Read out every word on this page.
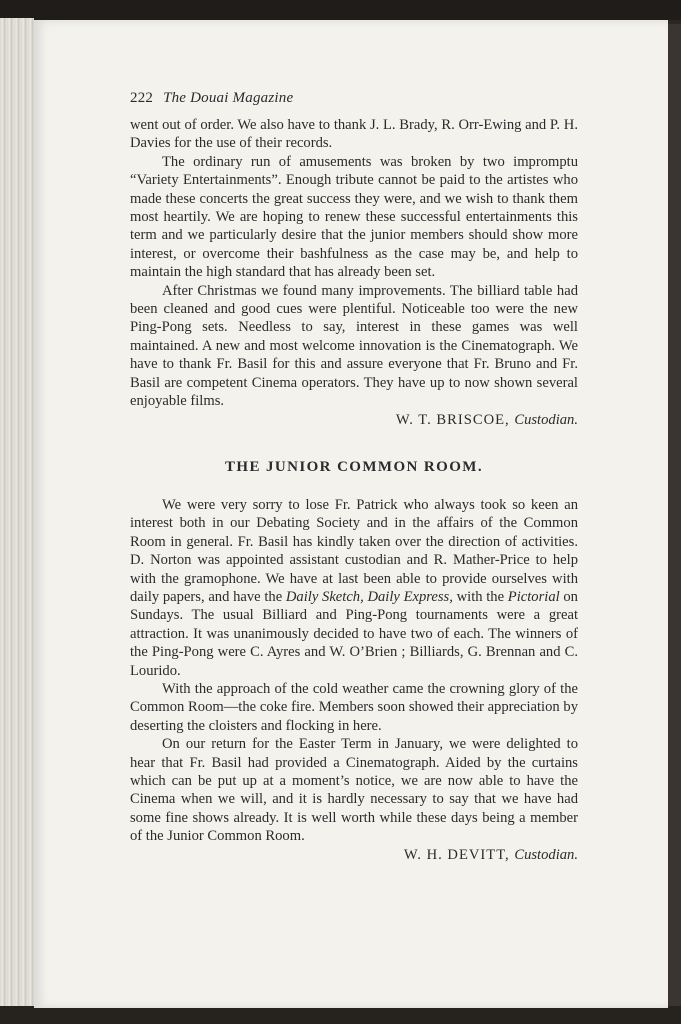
222 The Douai Magazine

went out of order. We also have to thank J. L. Brady, R. Orr-Ewing and P. H. Davies for the use of their records.

The ordinary run of amusements was broken by two impromptu “Variety Entertainments”. Enough tribute cannot be paid to the artistes who made these concerts the great success they were, and we wish to thank them most heartily. We are hoping to renew these successful entertainments this term and we particularly desire that the junior members should show more interest, or overcome their bashfulness as the case may be, and help to maintain the high standard that has already been set.

After Christmas we found many improvements. The billiard table had been cleaned and good cues were plentiful. Noticeable too were the new Ping-Pong sets. Needless to say, interest in these games was well maintained. A new and most welcome innovation is the Cinematograph. We have to thank Fr. Basil for this and assure everyone that Fr. Bruno and Fr. Basil are competent Cinema operators. They have up to now shown several enjoyable films.

W. T. BRISCOE, Custodian.
THE JUNIOR COMMON ROOM.

We were very sorry to lose Fr. Patrick who always took so keen an interest both in our Debating Society and in the affairs of the Common Room in general. Fr. Basil has kindly taken over the direction of activities. D. Norton was appointed assistant custodian and R. Mather-Price to help with the gramophone. We have at last been able to provide ourselves with daily papers, and have the Daily Sketch, Daily Express, with the Pictorial on Sundays. The usual Billiard and Ping-Pong tournaments were a great attraction. It was unanimously decided to have two of each. The winners of the Ping-Pong were C. Ayres and W. O’Brien ; Billiards, G. Brennan and C. Lourido.

With the approach of the cold weather came the crowning glory of the Common Room—the coke fire. Members soon showed their appreciation by deserting the cloisters and flocking in here.

On our return for the Easter Term in January, we were delighted to hear that Fr. Basil had provided a Cinematograph. Aided by the curtains which can be put up at a moment’s notice, we are now able to have the Cinema when we will, and it is hardly necessary to say that we have had some fine shows already. It is well worth while these days being a member of the Junior Common Room.

W. H. DEVITT, Custodian.
